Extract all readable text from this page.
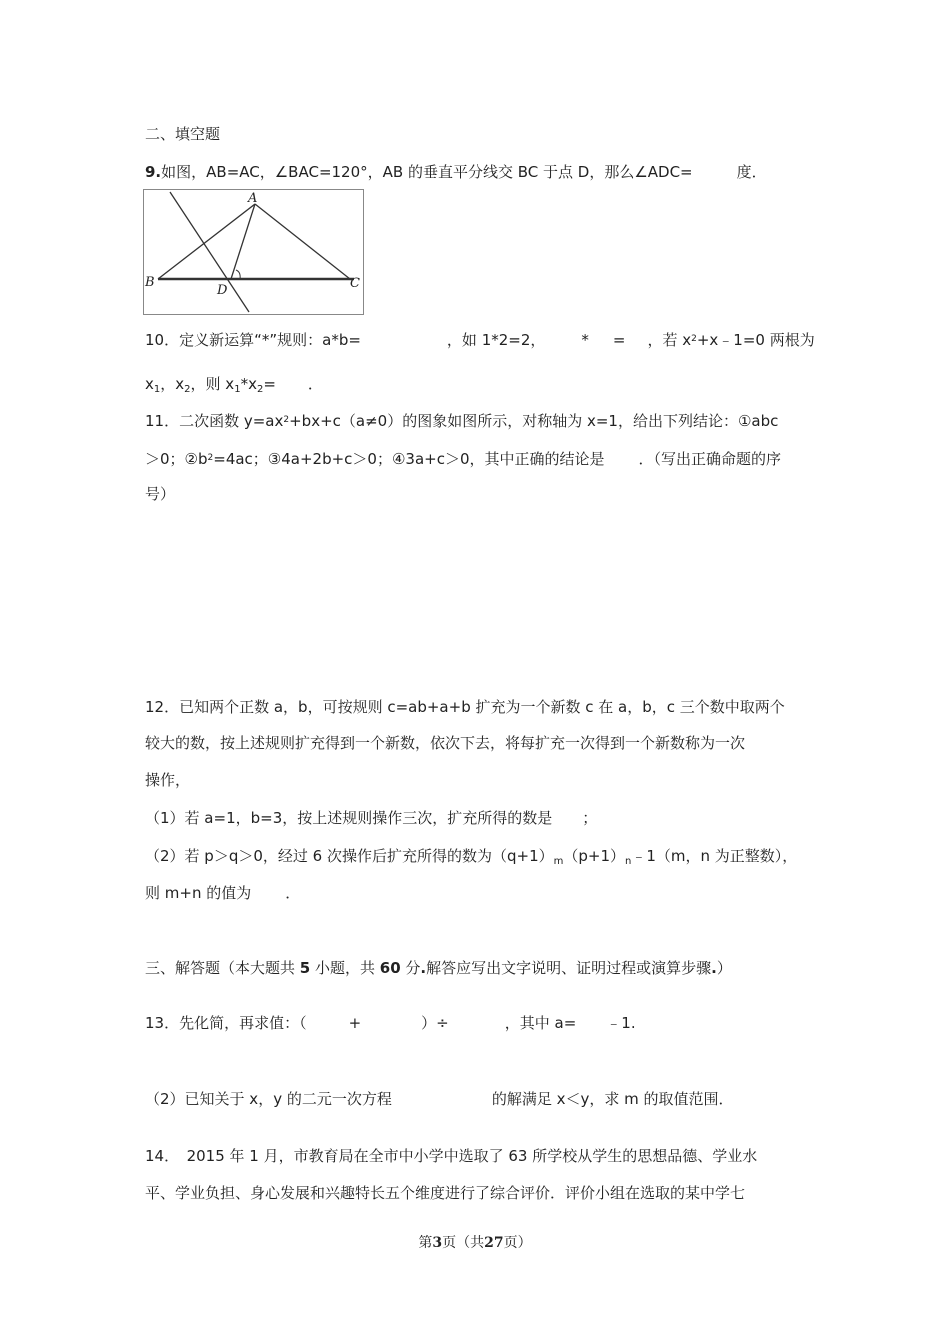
二、填空题
9.如图，AB=AC，∠BAC=120°，AB 的垂直平分线交 BC 于点 D，那么∠ADC=	度．
A
B	C
D
10．定义新运算“*”规则：a*b=	，如 1*2=2， * = ，若 $x^2+x﹣1=0$ 两根为
$x_1$，$x_2$，则 $x_1*x_2=$ ．
11．二次函数 $y=ax^2+bx+c(a\ne 0)$的图象如图所示，对称轴为 x=1，给出下列结论：①abc
＞0；$②b^2=4ac$；③4a+2b+c＞0；④3a+c＞0，其中正确的结论是 ．（写出正确命题的序
号）
12．已知两个正数 a，b，可按规则 c=ab+a+b 扩充为一个新数 c 在 a，b，c 三个数中取两个
较大的数，按上述规则扩充得到一个新数，依次下去，将每扩充一次得到一个新数称为一次
操作，
（1）若 a=1，b=3，按上述规则操作三次，扩充所得的数是 ；
（2）若 p＞q＞0，经过 6 次操作后扩充所得的数为$(q+1)_m(p+1)_n﹣1(m$，n 为正整数），
则 m+n 的值为 ．
三、解答题（本大题共 5 小题，共 60 分.解答应写出文字说明、证明过程或演算步骤.）
13．先化简，再求值：（	+	）÷	，其中 a= ﹣1.
（2）已知关于 x，y 的二元一次方程	的解满足 x＜y，求 m 的取值范围．
14．　2015 年 1 月，市教育局在全市中小学中选取了 63 所学校从学生的思想品德、学业水
平、学业负担、身心发展和兴趣特长五个维度进行了综合评价．评价小组在选取的某中学七
第3页（共27页）
